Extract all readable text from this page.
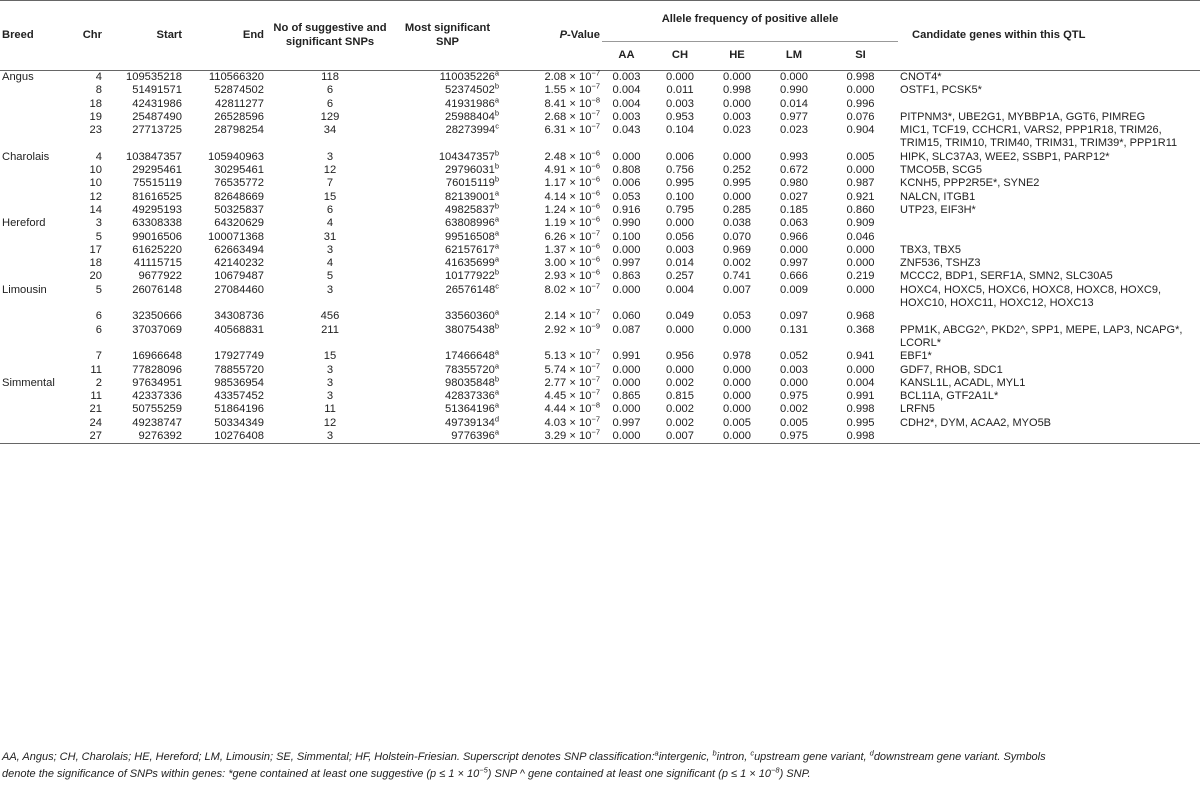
Breed	Chr	Start	End	No of suggestive and significant SNPs	Most significant SNP	P-Value	Allele frequency of positive allele					Candidate genes within this QTL
							AA	CH	HE	LM	SI	
Angus	4	109535218	110566320	118	110035226$^a$	$2.08 \times 10^{-7}$	0.003	0.000	0.000	0.000	0.998	CNOT4*
	8	51491571	52874502	6	52374502$^b$	$1.55 \times 10^{-7}$	0.004	0.011	0.998	0.990	0.000	OSTF1, PCSK5*
	18	42431986	42811277	6	41931986$^a$	$8.41 \times 10^{-8}$	0.004	0.003	0.000	0.014	0.996	
	19	25487490	26528596	129	25988404$^b$	$2.68 \times 10^{-7}$	0.003	0.953	0.003	0.977	0.076	PITPNM3*, UBE2G1, MYBBP1A, GGT6, PIMREG
	23	27713725	28798254	34	28273994$^c$	$6.31 \times 10^{-7}$	0.043	0.104	0.023	0.023	0.904	MIC1, TCF19, CCHCR1, VARS2, PPP1R18, TRIM26, TRIM15, TRIM10, TRIM40, TRIM31, TRIM39*, PPP1R11
Charolais	4	103847357	105940963	3	104347357$^b$	$2.48 \times 10^{-6}$	0.000	0.006	0.000	0.993	0.005	HIPK, SLC37A3, WEE2, SSBP1, PARP12*
	10	29295461	30295461	12	29796031$^b$	$4.91 \times 10^{-6}$	0.808	0.756	0.252	0.672	0.000	TMCO5B, SCG5
	10	75515119	76535772	7	76015119$^b$	$1.17 \times 10^{-6}$	0.006	0.995	0.995	0.980	0.987	KCNH5, PPP2R5E*, SYNE2
	12	81616525	82648669	15	82139001$^a$	$4.14 \times 10^{-6}$	0.053	0.100	0.000	0.027	0.921	NALCN, ITGB1
	14	49295193	50325837	6	49825837$^b$	$1.24 \times 10^{-6}$	0.916	0.795	0.285	0.185	0.860	UTP23, EIF3H*
Hereford	3	63308338	64320629	4	63808996$^a$	$1.19 \times 10^{-6}$	0.990	0.000	0.038	0.063	0.909	
	5	99016506	100071368	31	99516508$^a$	$6.26 \times 10^{-7}$	0.100	0.056	0.070	0.966	0.046	
	17	61625220	62663494	3	62157617$^a$	$1.37 \times 10^{-6}$	0.000	0.003	0.969	0.000	0.000	TBX3, TBX5
	18	41115715	42140232	4	41635699$^a$	$3.00 \times 10^{-6}$	0.997	0.014	0.002	0.997	0.000	ZNF536, TSHZ3
	20	9677922	10679487	5	10177922$^b$	$2.93 \times 10^{-6}$	0.863	0.257	0.741	0.666	0.219	MCCC2, BDP1, SERF1A, SMN2, SLC30A5
Limousin	5	26076148	27084460	3	26576148$^c$	$8.02 \times 10^{-7}$	0.000	0.004	0.007	0.009	0.000	HOXC4, HOXC5, HOXC6, HOXC8, HOXC8, HOXC9, HOXC10, HOXC11, HOXC12, HOXC13
	6	32350666	34308736	456	33560360$^a$	$2.14 \times 10^{-7}$	0.060	0.049	0.053	0.097	0.968	
	6	37037069	40568831	211	38075438$^b$	$2.92 \times 10^{-9}$	0.087	0.000	0.000	0.131	0.368	PPM1K, ABCG2^, PKD2^, SPP1, MEPE, LAP3, NCAPG*, LCORL*
	7	16966648	17927749	15	17466648$^a$	$5.13 \times 10^{-7}$	0.991	0.956	0.978	0.052	0.941	EBF1*
	11	77828096	78855720	3	78355720$^a$	$5.74 \times 10^{-7}$	0.000	0.000	0.000	0.003	0.000	GDF7, RHOB, SDC1
Simmental	2	97634951	98536954	3	98035848$^b$	$2.77 \times 10^{-7}$	0.000	0.002	0.000	0.000	0.004	KANSL1L, ACADL, MYL1
	11	42337336	43357452	3	42837336$^a$	$4.45 \times 10^{-7}$	0.865	0.815	0.000	0.975	0.991	BCL11A, GTF2A1L*
	21	50755259	51864196	11	51364196$^a$	$4.44 \times 10^{-8}$	0.000	0.002	0.000	0.002	0.998	LRFN5
	24	49238747	50334349	12	49739134$^d$	$4.03 \times 10^{-7}$	0.997	0.002	0.005	0.005	0.995	CDH2*, DYM, ACAA2, MYO5B
	27	9276392	10276408	3	9776396$^a$	$3.29 \times 10^{-7}$	0.000	0.007	0.000	0.975	0.998	
AA, Angus; CH, Charolais; HE, Hereford; LM, Limousin; SE, Simmental; HF, Holstein-Friesian. Superscript denotes SNP classification:$^a$intergenic, $^b$intron, $^c$upstream gene variant, $^d$downstream gene variant. Symbols
denote the significance of SNPs within genes: *gene contained at least one suggestive $(p \le 1 \times 10^{-5})$ SNP ^ gene contained at least one significant $(p \le 1 \times 10^{-8})$ SNP.
